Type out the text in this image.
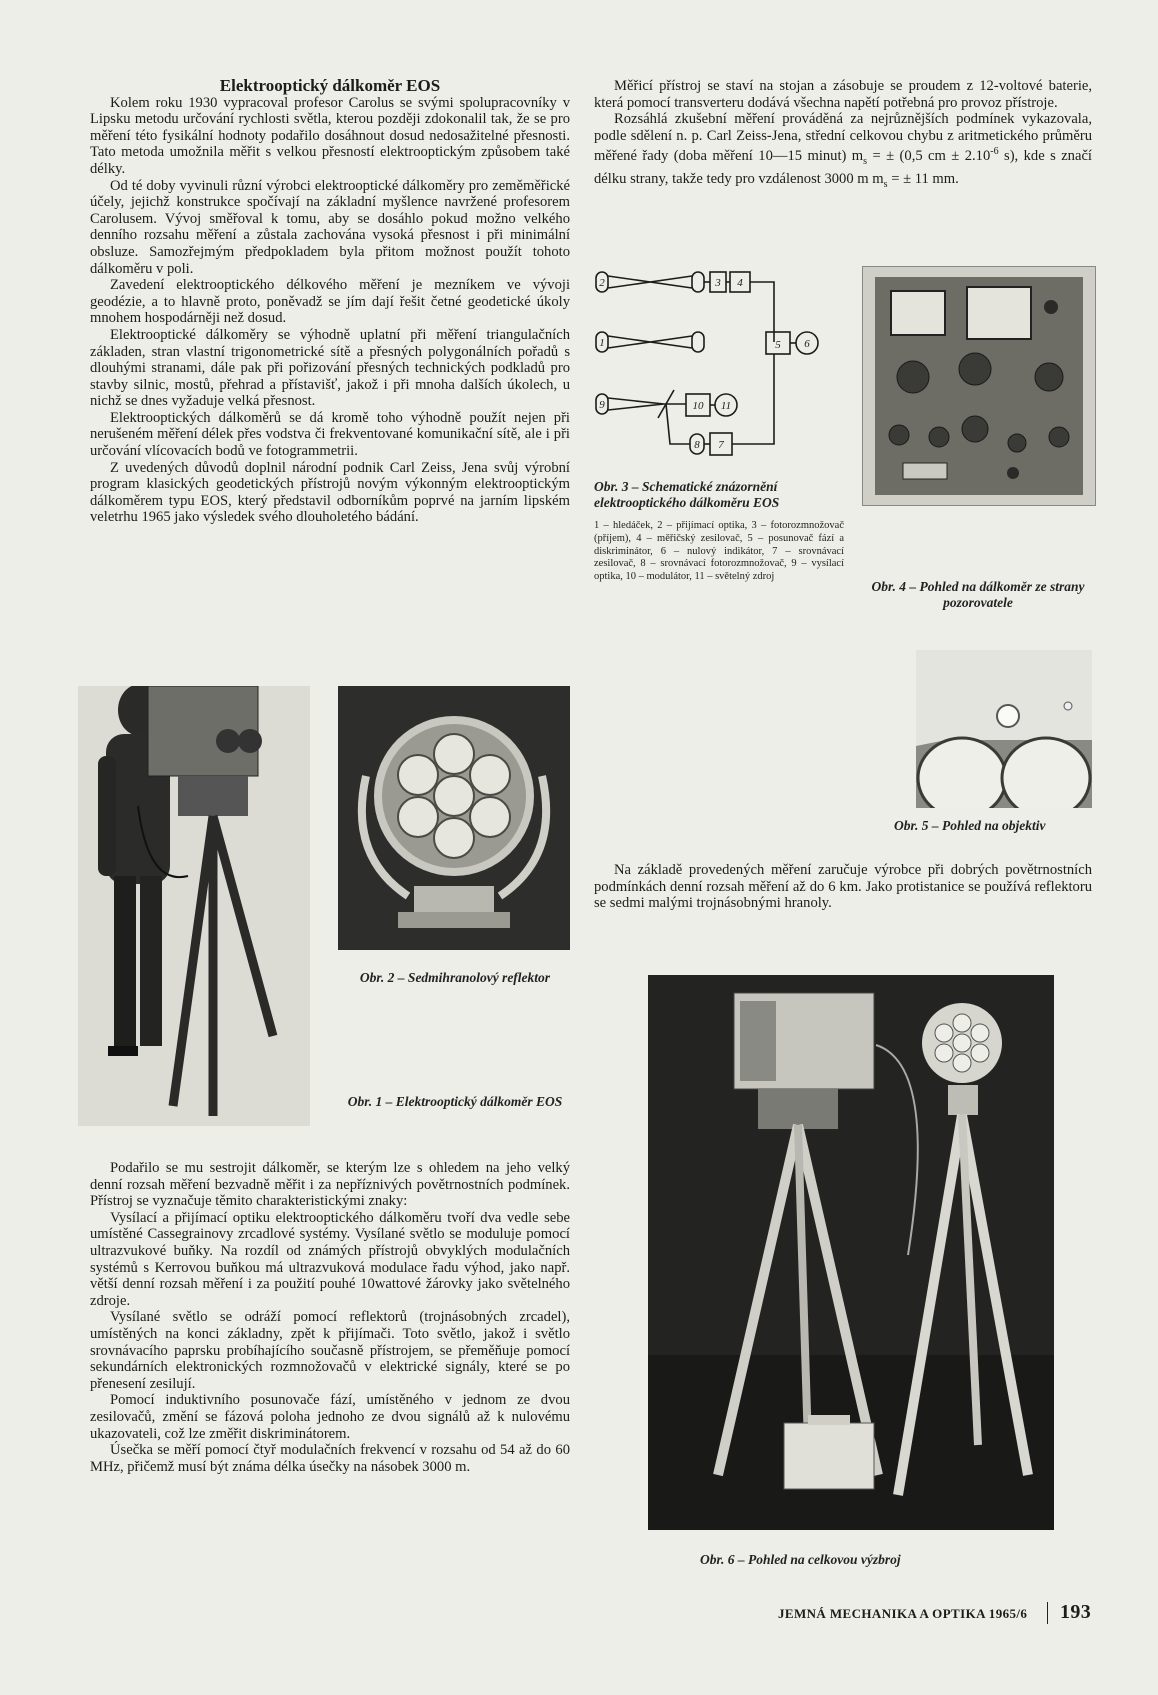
Elektrooptický dálkoměr EOS

Kolem roku 1930 vypracoval profesor Carolus se svými spolupracovníky v Lipsku metodu určování rychlosti světla, kterou později zdokonalil tak, že se pro měření této fysikální hodnoty podařilo dosáhnout dosud nedosažitelné přesnosti. Tato metoda umožnila měřit s velkou přesností elektrooptickým způsobem také délky.

Od té doby vyvinuli různí výrobci elektrooptické dálkoměry pro zeměměřické účely, jejichž konstrukce spočívají na základní myšlence navržené profesorem Carolusem. Vývoj směřoval k tomu, aby se dosáhlo pokud možno velkého denního rozsahu měření a zůstala zachována vysoká přesnost i při minimální obsluze. Samozřejmým předpokladem byla přitom možnost použít tohoto dálkoměru v poli.

Zavedení elektrooptického délkového měření je mezníkem ve vývoji geodézie, a to hlavně proto, poněvadž se jím dají řešit četné geodetické úkoly mnohem hospodárněji než dosud.

Elektrooptické dálkoměry se výhodně uplatní při měření triangulačních základen, stran vlastní trigonometrické sítě a přesných polygonálních pořadů s dlouhými stranami, dále pak při pořizování přesných technických podkladů pro stavby silnic, mostů, přehrad a přístavišť, jakož i při mnoha dalších úkolech, u nichž se dnes vyžaduje velká přesnost.

Elektrooptických dálkoměrů se dá kromě toho výhodně použít nejen při nerušeném měření délek přes vodstva či frekventované komunikační sítě, ale i při určování vlícovacích bodů ve fotogrammetrii.

Z uvedených důvodů doplnil národní podnik Carl Zeiss, Jena svůj výrobní program klasických geodetických přístrojů novým výkonným elektrooptickým dálkoměrem typu EOS, který představil odborníkům poprvé na jarním lipském veletrhu 1965 jako výsledek svého dlouholetého bádání.

Obr. 2 – Sedmihranolový reflektor
Obr. 1 – Elektrooptický dálkoměr EOS

Podařilo se mu sestrojit dálkoměr, se kterým lze s ohledem na jeho velký denní rozsah měření bezvadně měřit i za nepříznivých povětrnostních podmínek. Přístroj se vyznačuje těmito charakteristickými znaky:

Vysílací a přijímací optiku elektrooptického dálkoměru tvoří dva vedle sebe umístěné Cassegrainovy zrcadlové systémy. Vysílané světlo se moduluje pomocí ultrazvukové buňky. Na rozdíl od známých přístrojů obvyklých modulačních systémů s Kerrovou buňkou má ultrazvuková modulace řadu výhod, jako např. větší denní rozsah měření i za použití pouhé 10wattové žárovky jako světelného zdroje.

Vysílané světlo se odráží pomocí reflektorů (trojnásobných zrcadel), umístěných na konci základny, zpět k přijímači. Toto světlo, jakož i světlo srovnávacího paprsku probíhajícího současně přístrojem, se přeměňuje pomocí sekundárních elektronických rozmnožovačů v elektrické signály, které se po přenesení zesilují.

Pomocí induktivního posunovače fází, umístěného v jednom ze dvou zesilovačů, změní se fázová poloha jednoho ze dvou signálů až k nulovému ukazovateli, což lze změřit diskriminátorem.

Úsečka se měří pomocí čtyř modulačních frekvencí v rozsahu od 54 až do 60 MHz, přičemž musí být známa délka úsečky na násobek 3000 m.

Měřicí přístroj se staví na stojan a zásobuje se proudem z 12-voltové baterie, která pomocí transverteru dodává všechna napětí potřebná pro provoz přístroje.

Rozsáhlá zkušební měření prováděná za nejrůznějších podmínek vykazovala, podle sdělení n. p. Carl Zeiss-Jena, střední celkovou chybu z aritmetického průměru měřené řady (doba měření 10—15 minut) $m_s$ = ± (0,5 cm ± $2.10^{-6}$ s), kde s značí délku strany, takže tedy pro vzdálenost 3000 m $m_s$ = ± 11 mm.

2	3 4
1	5 6
9	10 11
8 7
Obr. 3 – Schematické znázornění elektrooptického dálkoměru EOS
1 – hledáček, 2 – přijímací optika, 3 – fotorozmnožovač (příjem), 4 – měřičský zesilovač, 5 – posunovač fází a diskriminátor, 6 – nulový indikátor, 7 – srovnávací zesilovač, 8 – srovnávací fotorozmnožovač, 9 – vysílací optika, 10 – modulátor, 11 – světelný zdroj
Obr. 4 – Pohled na dálkoměr ze strany pozorovatele
Obr. 5 – Pohled na objektiv

Na základě provedených měření zaručuje výrobce při dobrých povětrnostních podmínkách denní rozsah měření až do 6 km. Jako protistanice se používá reflektoru se sedmi malými trojnásobnými hranoly.

Obr. 6 – Pohled na celkovou výzbroj
JEMNÁ MECHANIKA A OPTIKA 1965/6 193
